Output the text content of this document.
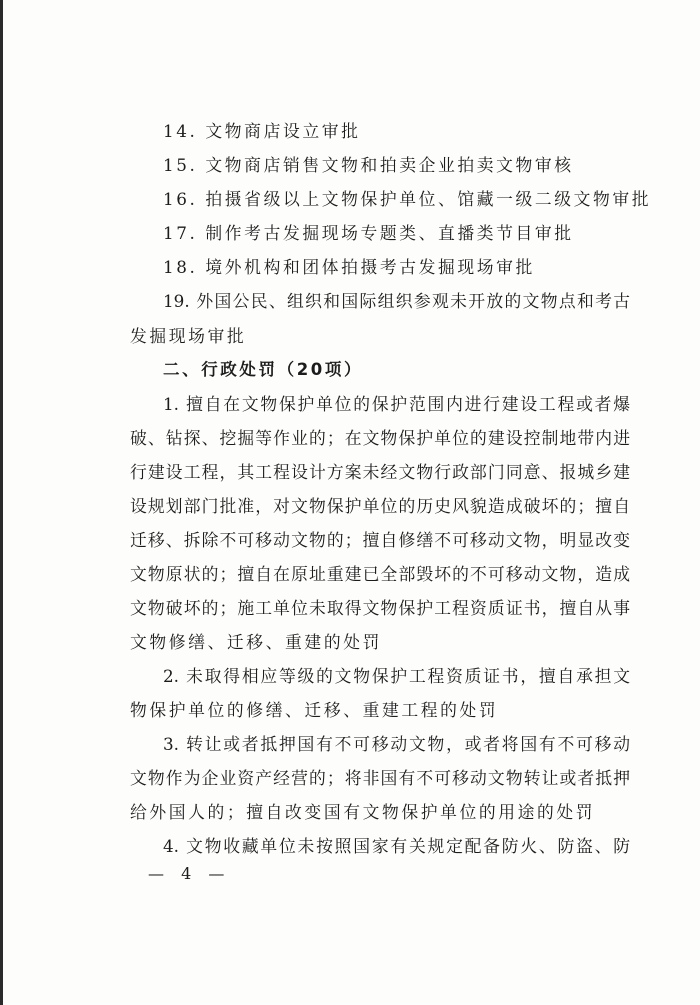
14. 文物商店设立审批
15. 文物商店销售文物和拍卖企业拍卖文物审核
16. 拍摄省级以上文物保护单位、馆藏一级二级文物审批
17. 制作考古发掘现场专题类、直播类节目审批
18. 境外机构和团体拍摄考古发掘现场审批
19. 外国公民、组织和国际组织参观未开放的文物点和考古
发掘现场审批
二、行政处罚（20项）
1. 擅自在文物保护单位的保护范围内进行建设工程或者爆
破、钻探、挖掘等作业的；在文物保护单位的建设控制地带内进
行建设工程，其工程设计方案未经文物行政部门同意、报城乡建
设规划部门批准，对文物保护单位的历史风貌造成破坏的；擅自
迁移、拆除不可移动文物的；擅自修缮不可移动文物，明显改变
文物原状的；擅自在原址重建已全部毁坏的不可移动文物，造成
文物破坏的；施工单位未取得文物保护工程资质证书，擅自从事
文物修缮、迁移、重建的处罚
2. 未取得相应等级的文物保护工程资质证书，擅自承担文
物保护单位的修缮、迁移、重建工程的处罚
3. 转让或者抵押国有不可移动文物，或者将国有不可移动
文物作为企业资产经营的；将非国有不可移动文物转让或者抵押
给外国人的；擅自改变国有文物保护单位的用途的处罚
4. 文物收藏单位未按照国家有关规定配备防火、防盗、防
— 4 —
